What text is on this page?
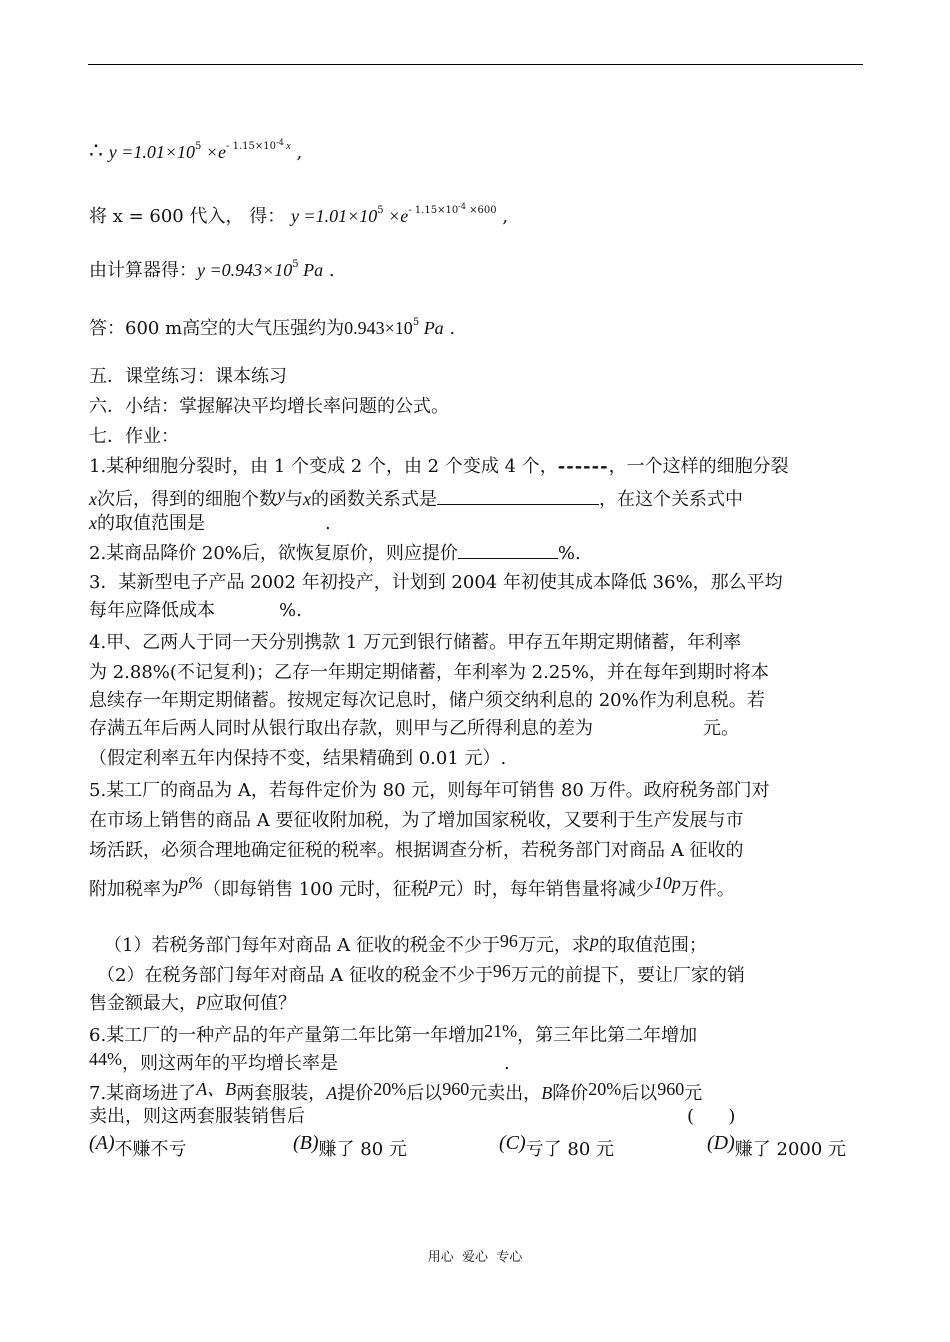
∴ $y =1.01\times 10^5 \times e^{- 1.15\times 10^{-4} x}$ ,
将 x = 600 代入， 得： $y =1.01\times 10^5 \times e^{- 1.15\times 10^{-4} \times 600}$ ,
由计算器得：$y =0.943\times 10^5$ Pa .
答：600 m高空的大气压强约为$0.943\times 10^5$ Pa .
五．课堂练习：课本练习
六．小结：掌握解决平均增长率问题的公式。
七．作业：
1.某种细胞分裂时，由 1 个变成 2 个，由 2 个变成 4 个，------，一个这样的细胞分裂
x次后，得到的细胞个数y与x的函数关系式是	，在这个关系式中
x的取值范围是	.
2.某商品降价 20%后，欲恢复原价，则应提价	%.
3．某新型电子产品 2002 年初投产，计划到 2004 年初使其成本降低 36%，那么平均
每年应降低成本	%.
4.甲、乙两人于同一天分别携款 1 万元到银行储蓄。甲存五年期定期储蓄，年利率
为 2.88%(不记复利)；乙存一年期定期储蓄，年利率为 2.25%，并在每年到期时将本
息续存一年期定期储蓄。按规定每次记息时，储户须交纳利息的 20%作为利息税。若
存满五年后两人同时从银行取出存款，则甲与乙所得利息的差为	元。
（假定利率五年内保持不变，结果精确到 0.01 元）.
5.某工厂的商品为 A，若每件定价为 80 元，则每年可销售 80 万件。政府税务部门对
在市场上销售的商品 A 要征收附加税，为了增加国家税收，又要利于生产发展与市
场活跃，必须合理地确定征税的税率。根据调查分析，若税务部门对商品 A 征收的
附加税率为p%（即每销售 100 元时，征税p元）时，每年销售量将减少10p万件。
（1）若税务部门每年对商品 A 征收的税金不少于96万元，求p的取值范围；
（2）在税务部门每年对商品 A 征收的税金不少于96万元的前提下，要让厂家的销
售金额最大，p应取何值？
6.某工厂的一种产品的年产量第二年比第一年增加21%，第三年比第二年增加
44%，则这两年的平均增长率是	.
7.某商场进了A、B两套服装，A提价20%后以960元卖出，B降价20%后以960元
卖出，则这两套服装销售后	(      )
(A)不赚不亏	(B)赚了 80 元	(C)亏了 80 元	(D)赚了 2000 元
用心  爱心  专心
